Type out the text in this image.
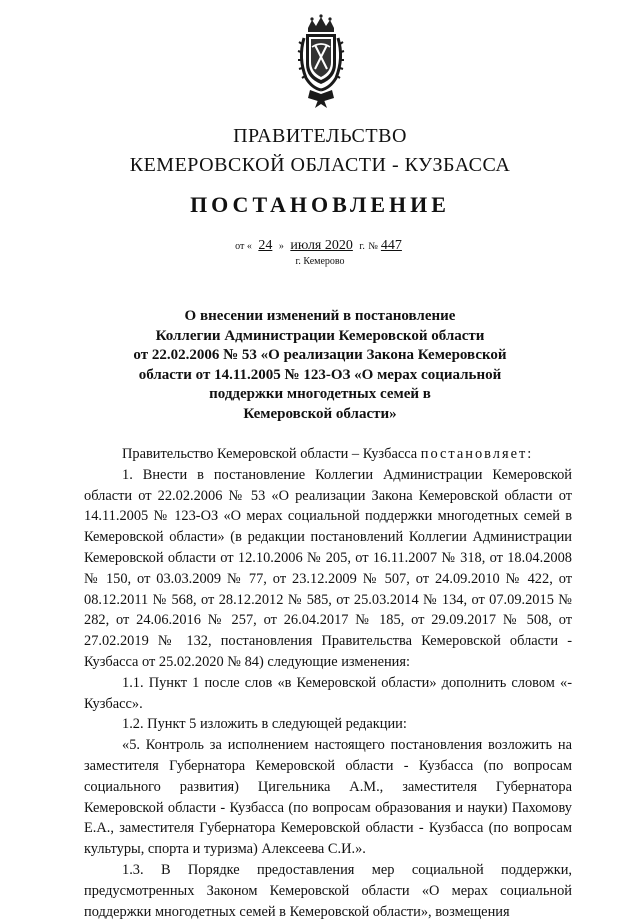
ПРАВИТЕЛЬСТВО
КЕМЕРОВСКОЙ ОБЛАСТИ - КУЗБАССА
ПОСТАНОВЛЕНИЕ
от « 24 » июля 2020 г. № 447
г. Кемерово
О внесении изменений в постановление
Коллегии Администрации Кемеровской области
от 22.02.2006 № 53 «О реализации Закона Кемеровской
области от 14.11.2005 № 123-ОЗ «О мерах социальной
поддержки многодетных семей в
Кемеровской области»

Правительство Кемеровской области – Кузбасса постановляет:

1. Внести в постановление Коллегии Администрации Кемеровской области от 22.02.2006 № 53 «О реализации Закона Кемеровской области от 14.11.2005 № 123-ОЗ «О мерах социальной поддержки многодетных семей в Кемеровской области» (в редакции постановлений Коллегии Администрации Кемеровской области от 12.10.2006 № 205, от 16.11.2007 № 318, от 18.04.2008 № 150, от 03.03.2009 № 77, от 23.12.2009 № 507, от 24.09.2010 № 422, от 08.12.2011 № 568, от 28.12.2012 № 585, от 25.03.2014 № 134, от 07.09.2015 № 282, от 24.06.2016 № 257, от 26.04.2017 № 185, от 29.09.2017 № 508, от 27.02.2019 № 132, постановления Правительства Кемеровской области - Кузбасса от 25.02.2020 № 84) следующие изменения:

1.1. Пункт 1 после слов «в Кемеровской области» дополнить словом «- Кузбасс».

1.2. Пункт 5 изложить в следующей редакции:

«5. Контроль за исполнением настоящего постановления возложить на заместителя Губернатора Кемеровской области - Кузбасса (по вопросам социального развития) Цигельника А.М., заместителя Губернатора Кемеровской области - Кузбасса (по вопросам образования и науки) Пахомову Е.А., заместителя Губернатора Кемеровской области - Кузбасса (по вопросам культуры, спорта и туризма) Алексеева С.И.».

1.3. В Порядке предоставления мер социальной поддержки, предусмотренных Законом Кемеровской области «О мерах социальной поддержки многодетных семей в Кемеровской области», возмещения
